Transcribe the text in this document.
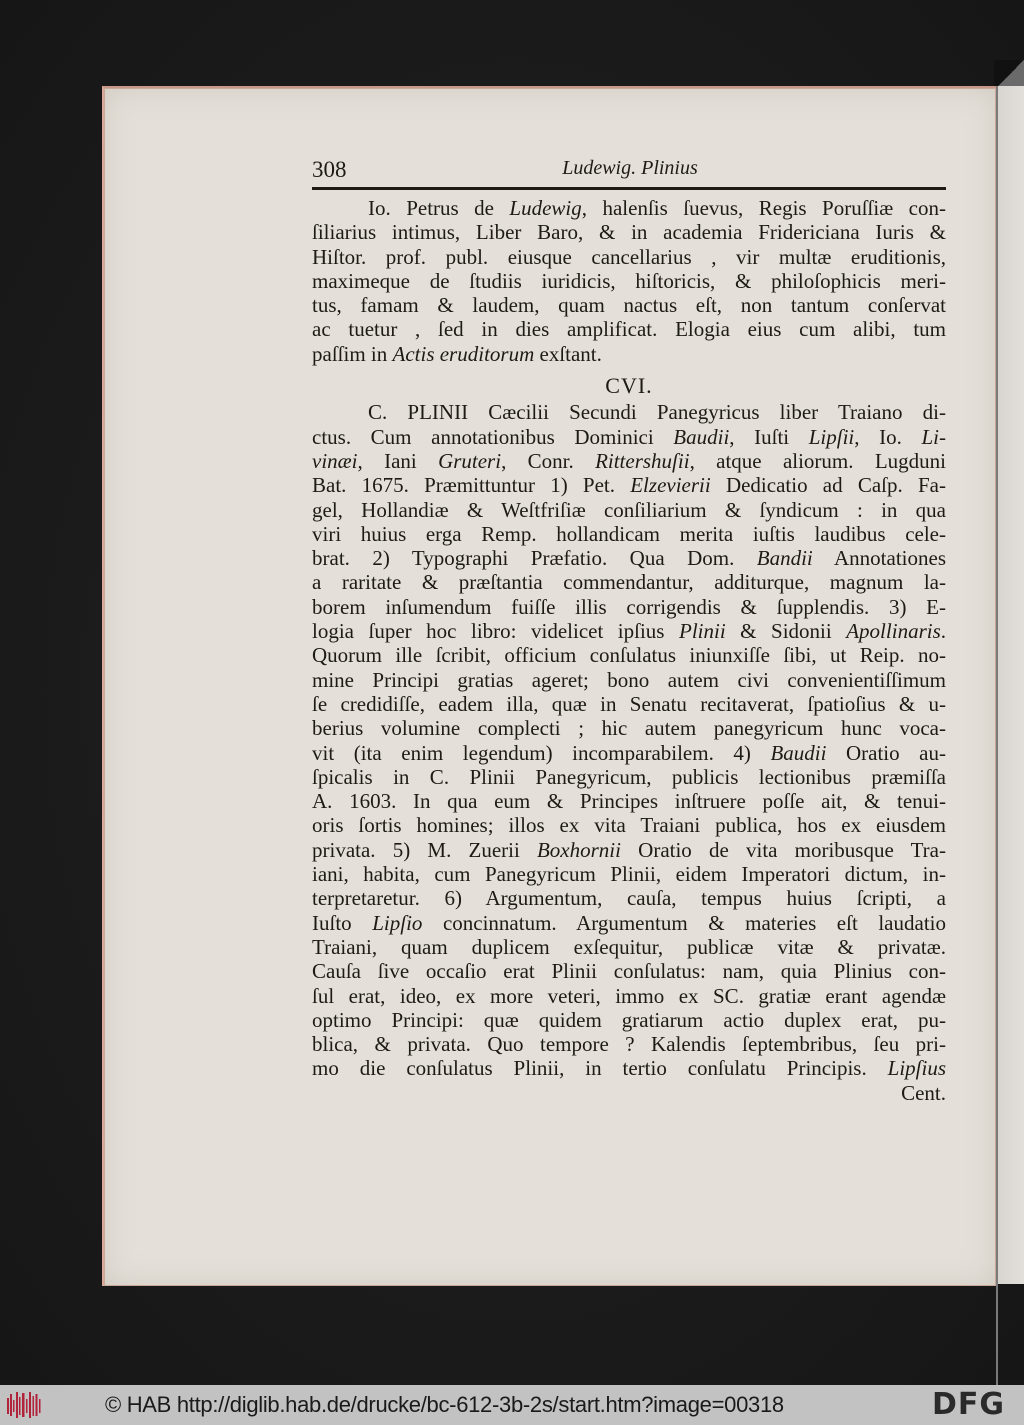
308	Ludewig. Plinius
Io. Petrus de Ludewig, halenſis ſuevus, Regis Poruſſiæ con-
ſiliarius intimus, Liber Baro, & in academia Fridericiana Iuris &
Hiſtor. prof. publ. eiusque cancellarius , vir multæ eruditionis,
maximeque de ſtudiis iuridicis, hiſtoricis, & philoſophicis meri-
tus, famam & laudem, quam nactus eſt, non tantum conſervat
ac tuetur , ſed in dies amplificat. Elogia eius cum alibi, tum
paſſim in Actis eruditorum exſtant.
CVI.
C. PLINII Cæcilii Secundi Panegyricus liber Traiano di-
ctus. Cum annotationibus Dominici Baudii, Iuſti Lipſii, Io. Li-
vinæi, Iani Gruteri, Conr. Rittershuſii, atque aliorum. Lugduni
Bat. 1675. Præmittuntur 1) Pet. Elzevierii Dedicatio ad Caſp. Fa-
gel, Hollandiæ & Weſtfriſiæ conſiliarium & ſyndicum : in qua
viri huius erga Remp. hollandicam merita iuſtis laudibus cele-
brat. 2) Typographi Præfatio. Qua Dom. Bandii Annotationes
a raritate & præſtantia commendantur, additurque, magnum la-
borem inſumendum fuiſſe illis corrigendis & ſupplendis. 3) E-
logia ſuper hoc libro: videlicet ipſius Plinii & Sidonii Apollinaris.
Quorum ille ſcribit, officium conſulatus iniunxiſſe ſibi, ut Reip. no-
mine Principi gratias ageret; bono autem civi convenientiſſimum
ſe credidiſſe, eadem illa, quæ in Senatu recitaverat, ſpatioſius & u-
berius volumine complecti ; hic autem panegyricum hunc voca-
vit (ita enim legendum) incomparabilem. 4) Baudii Oratio au-
ſpicalis in C. Plinii Panegyricum, publicis lectionibus præmiſſa
A. 1603. In qua eum & Principes inſtruere poſſe ait, & tenui-
oris ſortis homines; illos ex vita Traiani publica, hos ex eiusdem
privata. 5) M. Zuerii Boxhornii Oratio de vita moribusque Tra-
iani, habita, cum Panegyricum Plinii, eidem Imperatori dictum, in-
terpretaretur. 6) Argumentum, cauſa, tempus huius ſcripti, a
Iuſto Lipſio concinnatum. Argumentum & materies eſt laudatio
Traiani, quam duplicem exſequitur, publicæ vitæ & privatæ.
Cauſa ſive occaſio erat Plinii conſulatus: nam, quia Plinius con-
ſul erat, ideo, ex more veteri, immo ex SC. gratiæ erant agendæ
optimo Principi: quæ quidem gratiarum actio duplex erat, pu-
blica, & privata. Quo tempore ? Kalendis ſeptembribus, ſeu pri-
mo die conſulatus Plinii, in tertio conſulatu Principis. Lipſius
Cent.
© HAB http://diglib.hab.de/drucke/bc-612-3b-2s/start.htm?image=00318	DFG
